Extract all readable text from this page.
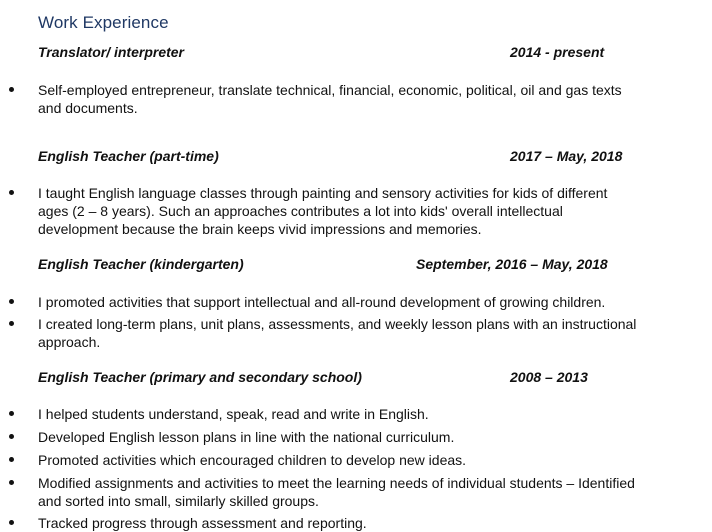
Work Experience
Translator/ interpreter	2014 - present
Self-employed entrepreneur, translate technical, financial, economic, political, oil and gas texts and documents.
English Teacher (part-time)	2017 – May, 2018
I taught English language classes through painting and sensory activities for kids of different ages (2 – 8 years). Such an approaches contributes a lot into kids' overall intellectual development because the brain keeps vivid impressions and memories.
English Teacher (kindergarten)	September, 2016 – May, 2018
I promoted activities that support intellectual and all-round development of growing children.
I created long-term plans, unit plans, assessments, and weekly lesson plans with an instructional approach.
English Teacher (primary and secondary school)	2008 – 2013
I helped students understand, speak, read and write in English.
Developed English lesson plans in line with the national curriculum.
Promoted activities which encouraged children to develop new ideas.
Modified assignments and activities to meet the learning needs of individual students – Identified and sorted into small, similarly skilled groups.
Tracked progress through assessment and reporting.
